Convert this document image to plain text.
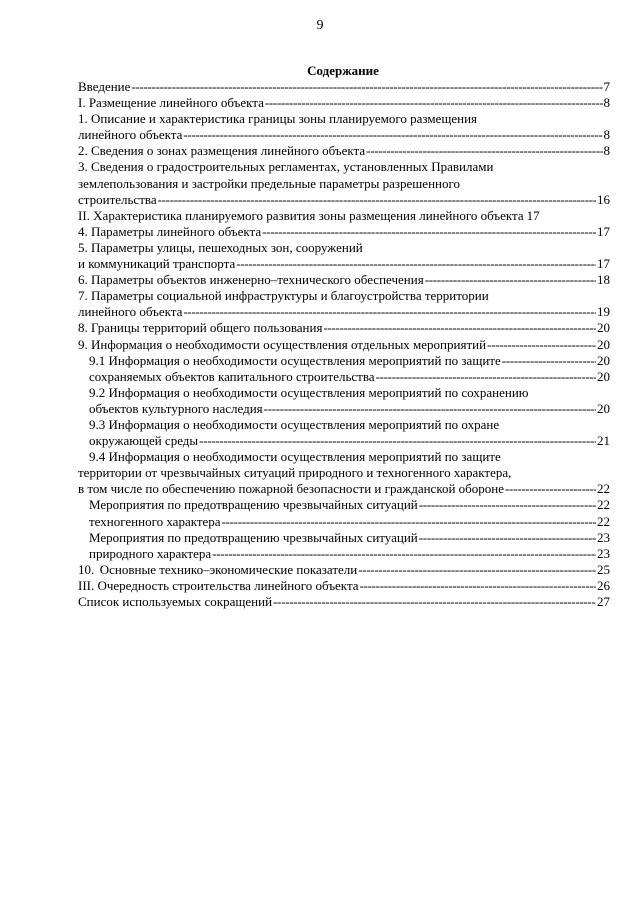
9
Содержание
Введение -----	7
I. Размещение линейного объекта -----	8
1. Описание и характеристика границы зоны планируемого размещения
линейного объекта -----	8
2. Сведения о зонах размещения линейного объекта -----	8
3. Сведения о градостроительных регламентах, установленных Правилами
землепользования и застройки предельные параметры разрешенного
строительства -----	16
II. Характеристика планируемого развития зоны размещения линейного объекта 17
4. Параметры линейного объекта -----	17
5. Параметры улицы, пешеходных зон, сооружений
и коммуникаций транспорта -----	17
6. Параметры объектов инженерно–технического обеспечения -----	18
7. Параметры социальной инфраструктуры и благоустройства территории
линейного объекта -----	19
8. Границы территорий общего пользования -----	20
9. Информация о необходимости осуществления отдельных мероприятий -----	20
9.1 Информация о необходимости осуществления мероприятий по защите -----	20
сохраняемых объектов капитального строительства -----	20
9.2 Информация о необходимости осуществления мероприятий по сохранению
объектов культурного наследия -----	20
9.3 Информация о необходимости осуществления мероприятий по охране
окружающей среды -----	21
9.4 Информация о необходимости осуществления мероприятий по защите
территории от чрезвычайных ситуаций природного и техногенного характера,
в том числе по обеспечению пожарной безопасности и гражданской обороне -----	22
Мероприятия по предотвращению чрезвычайных ситуаций -----	22
техногенного характера -----	22
Мероприятия по предотвращению чрезвычайных ситуаций -----	23
природного характера -----	23
10. Основные технико–экономические показатели -----	25
III. Очередность строительства линейного объекта -----	26
Список используемых сокращений -----	27
